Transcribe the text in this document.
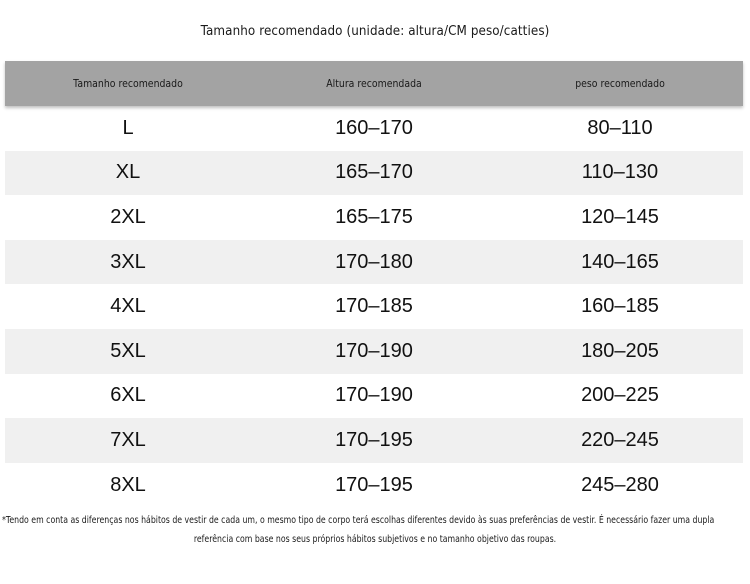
Tamanho recomendado (unidade: altura/CM peso/catties)
Tamanho recomendado	Altura recomendada	peso recomendado
L	160–170	80–110
XL	165–170	110–130
2XL	165–175	120–145
3XL	170–180	140–165
4XL	170–185	160–185
5XL	170–190	180–205
6XL	170–190	200–225
7XL	170–195	220–245
8XL	170–195	245–280
*Tendo em conta as diferenças nos hábitos de vestir de cada um, o mesmo tipo de corpo terá escolhas diferentes devido às suas preferências de vestir. É necessário fazer uma dupla
referência com base nos seus próprios hábitos subjetivos e no tamanho objetivo das roupas.
